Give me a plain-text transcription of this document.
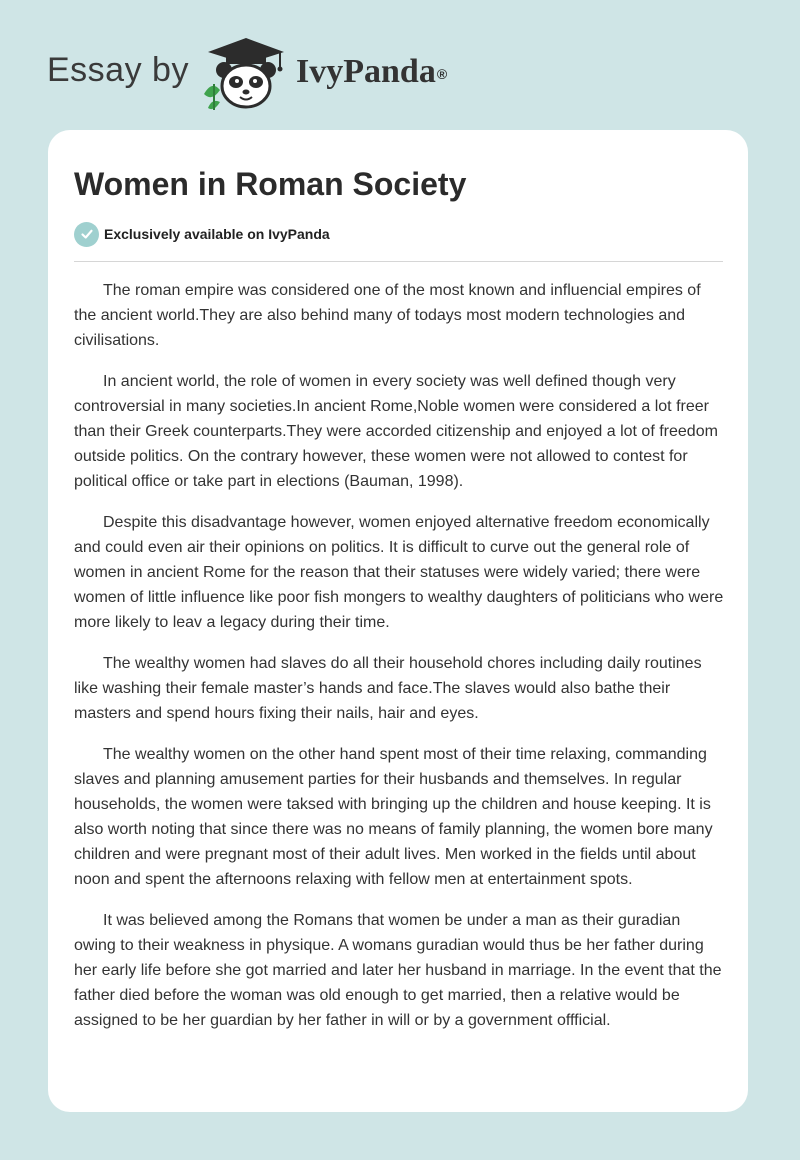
Essay by	IvyPanda®
Women in Roman Society
Exclusively available on IvyPanda

The roman empire was considered one of the most known and influencial empires of the ancient world.They are also behind many of todays most modern technologies and civilisations.

In ancient world, the role of women in every society was well defined though very controversial in many societies.In ancient Rome,Noble women were considered a lot freer than their Greek counterparts.They were accorded citizenship and enjoyed a lot of freedom outside politics. On the contrary however, these women were not allowed to contest for political office or take part in elections (Bauman, 1998).

Despite this disadvantage however, women enjoyed alternative freedom economically and could even air their opinions on politics. It is difficult to curve out the general role of women in ancient Rome for the reason that their statuses were widely varied; there were women of little influence like poor fish mongers to wealthy daughters of politicians who were more likely to leav a legacy during their time.

The wealthy women had slaves do all their household chores including daily routines like washing their female master’s hands and face.The slaves would also bathe their masters and spend hours fixing their nails, hair and eyes.

The wealthy women on the other hand spent most of their time relaxing, commanding slaves and planning amusement parties for their husbands and themselves. In regular households, the women were taksed with bringing up the children and house keeping. It is also worth noting that since there was no means of family planning, the women bore many children and were pregnant most of their adult lives. Men worked in the fields until about noon and spent the afternoons relaxing with fellow men at entertainment spots.

It was believed among the Romans that women be under a man as their guradian owing to their weakness in physique. A womans guradian would thus be her father during her early life before she got married and later her husband in marriage. In the event that the father died before the woman was old enough to get married, then a relative would be assigned to be her guardian by her father in will or by a government offficial.
